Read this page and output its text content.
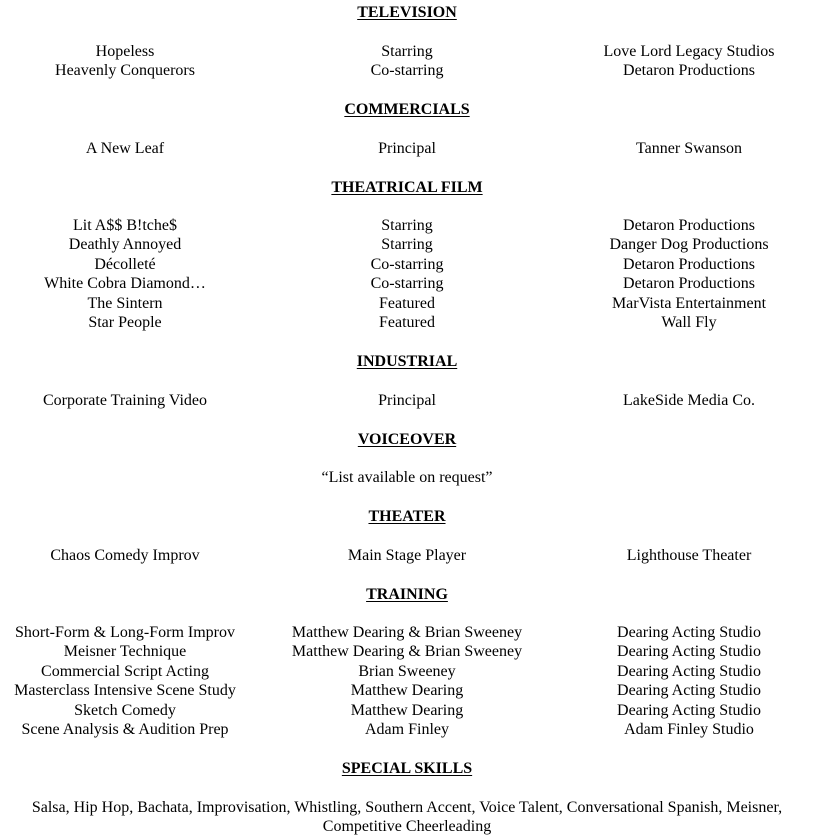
TELEVISION
Hopeless	Starring	Love Lord Legacy Studios
Heavenly Conquerors	Co-starring	Detaron Productions
COMMERCIALS
A New Leaf	Principal	Tanner Swanson
THEATRICAL FILM
Lit A$$ B!tche$	Starring	Detaron Productions
Deathly Annoyed	Starring	Danger Dog Productions
Décolleté	Co-starring	Detaron Productions
White Cobra Diamond…	Co-starring	Detaron Productions
The Sintern	Featured	MarVista Entertainment
Star People	Featured	Wall Fly
INDUSTRIAL
Corporate Training Video	Principal	LakeSide Media Co.
VOICEOVER
“List available on request”
THEATER
Chaos Comedy Improv	Main Stage Player	Lighthouse Theater
TRAINING
Short-Form & Long-Form Improv	Matthew Dearing & Brian Sweeney	Dearing Acting Studio
Meisner Technique	Matthew Dearing & Brian Sweeney	Dearing Acting Studio
Commercial Script Acting	Brian Sweeney	Dearing Acting Studio
Masterclass Intensive Scene Study	Matthew Dearing	Dearing Acting Studio
Sketch Comedy	Matthew Dearing	Dearing Acting Studio
Scene Analysis & Audition Prep	Adam Finley	Adam Finley Studio
SPECIAL SKILLS
Salsa, Hip Hop, Bachata, Improvisation, Whistling, Southern Accent, Voice Talent, Conversational Spanish, Meisner,
Competitive Cheerleading
